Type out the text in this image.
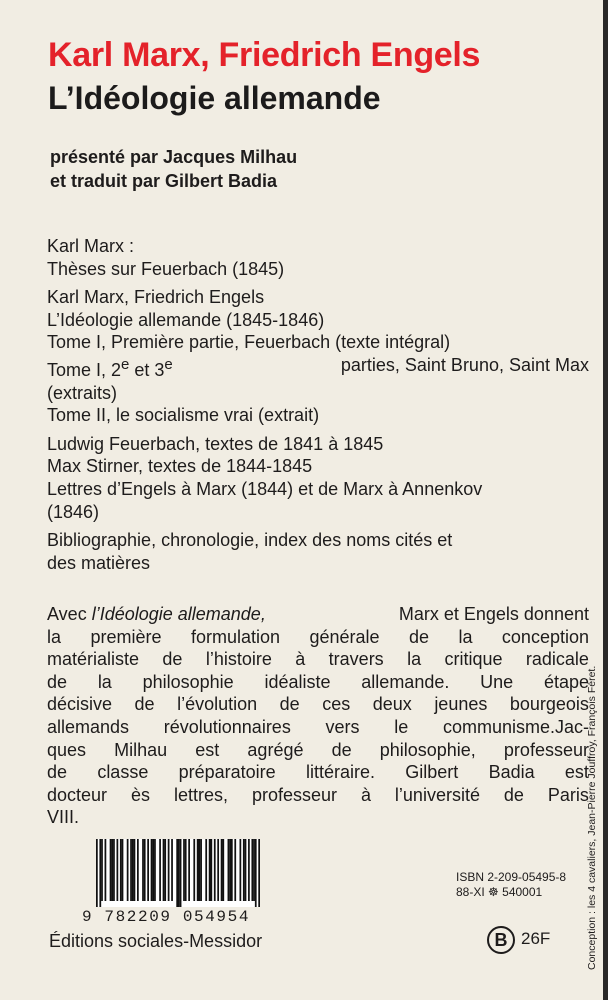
Karl Marx, Friedrich Engels
L’Idéologie allemande
présenté par Jacques Milhau
et traduit par Gilbert Badia
Karl Marx :
Thèses sur Feuerbach (1845)
Karl Marx, Friedrich Engels
L’Idéologie allemande (1845-1846)
Tome I, Première partie, Feuerbach (texte intégral)
Tome I, 2e et 3e	parties, Saint Bruno, Saint Max
(extraits)
Tome II, le socialisme vrai (extrait)
Ludwig Feuerbach, textes de 1841 à 1845
Max Stirner, textes de 1844-1845
Lettres d’Engels à Marx (1844) et de Marx à Annenkov
(1846)
Bibliographie, chronologie, index des noms cités et
des matières
Avec l’Idéologie allemande,	Marx et Engels donnent
la première formulation générale de la conception
matérialiste de l’histoire à travers la critique radicale
de la philosophie idéaliste allemande. Une étape
décisive de l’évolution de ces deux jeunes bourgeois
allemands révolutionnaires vers le communisme.Jac-
ques Milhau est agrégé de philosophie, professeur
de classe préparatoire littéraire. Gilbert Badia est
docteur ès lettres, professeur à l’université de Paris
VIII.
9 782209 054954
Éditions sociales-Messidor
ISBN 2-209-05495-8
88-XI ☸ 540001
B 26F	Conception : les 4 cavaliers, Jean-Pierre Jouffroy, François Féret.
